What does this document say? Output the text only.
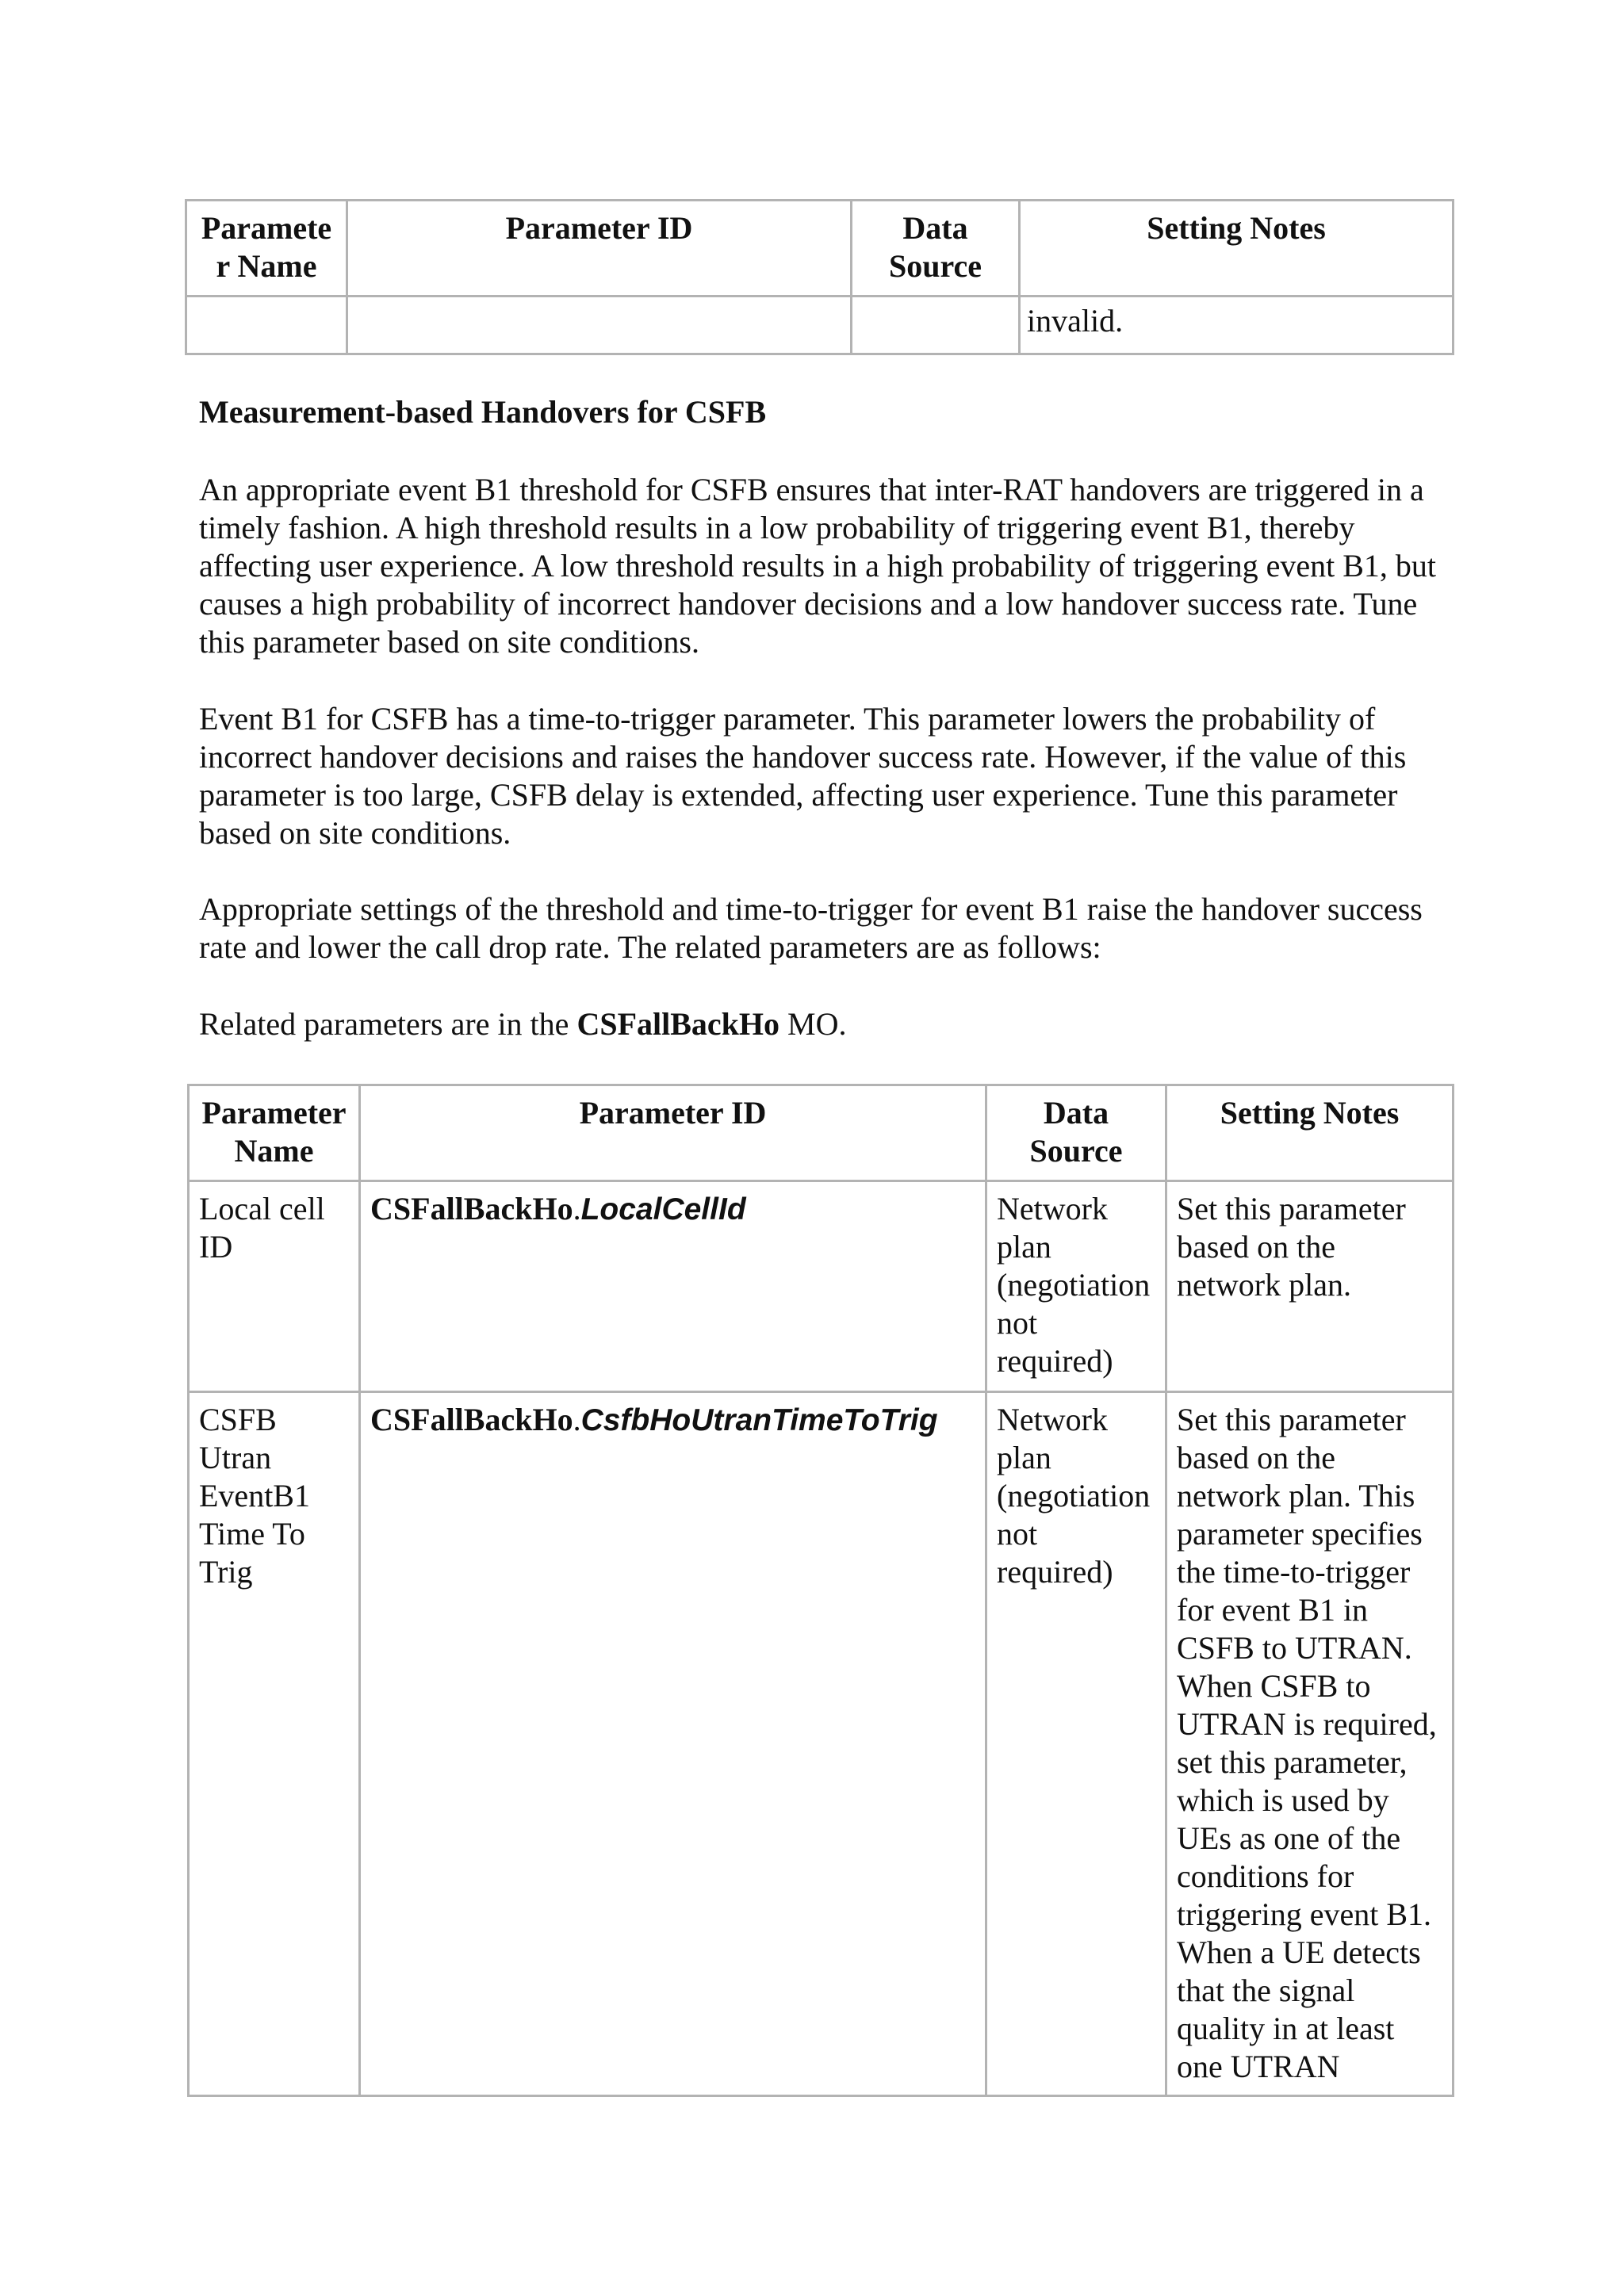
Paramete r Name	Parameter ID	Data Source	Setting Notes
			invalid.
Measurement-based Handovers for CSFB

An appropriate event B1 threshold for CSFB ensures that inter-RAT handovers are triggered in a timely fashion. A high threshold results in a low probability of triggering event B1, thereby affecting user experience. A low threshold results in a high probability of triggering event B1, but causes a high probability of incorrect handover decisions and a low handover success rate. Tune this parameter based on site conditions.

Event B1 for CSFB has a time-to-trigger parameter. This parameter lowers the probability of incorrect handover decisions and raises the handover success rate. However, if the value of this parameter is too large, CSFB delay is extended, affecting user experience. Tune this parameter based on site conditions.

Appropriate settings of the threshold and time-to-trigger for event B1 raise the handover success rate and lower the call drop rate. The related parameters are as follows:

Related parameters are in the CSFallBackHo MO.

Parameter Name	Parameter ID	Data Source	Setting Notes
Local cell ID	CSFallBackHo.LocalCellId	Network plan (negotiation not required)	Set this parameter based on the network plan.
CSFB Utran EventB1 Time To Trig	CSFallBackHo.CsfbHoUtranTimeToTrig	Network plan (negotiation not required)	Set this parameter based on the network plan. This parameter specifies the time-to-trigger for event B1 in CSFB to UTRAN. When CSFB to UTRAN is required, set this parameter, which is used by UEs as one of the conditions for triggering event B1. When a UE detects that the signal quality in at least one UTRAN
